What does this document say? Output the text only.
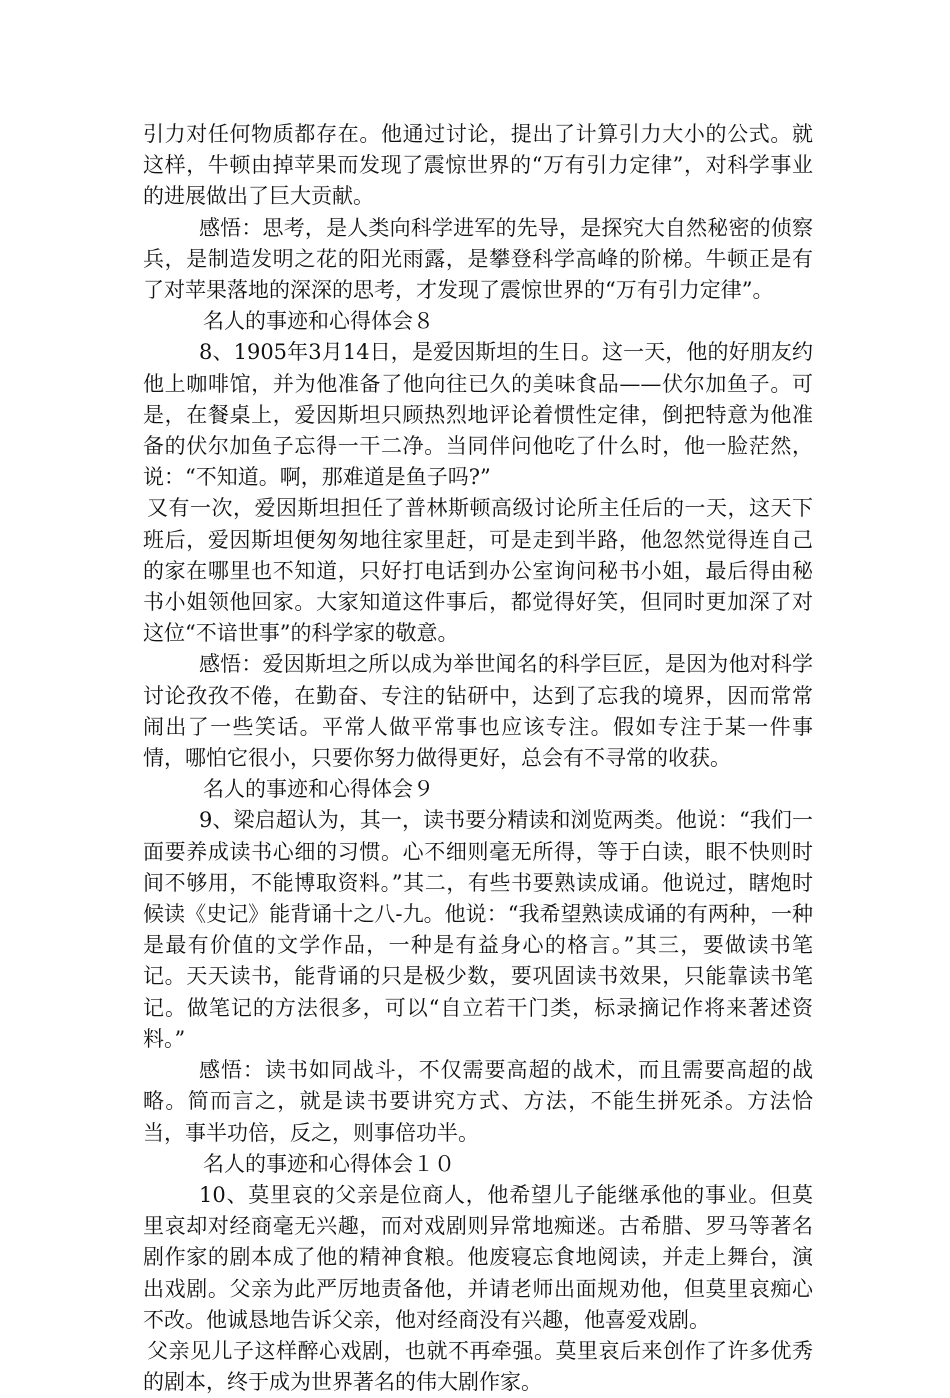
引力对任何物质都存在。他通过讨论，提出了计算引力大小的公式。就这样，牛顿由掉苹果而发现了震惊世界的“万有引力定律”，对科学事业的进展做出了巨大贡献。

感悟：思考，是人类向科学进军的先导，是探究大自然秘密的侦察兵，是制造发明之花的阳光雨露，是攀登科学高峰的阶梯。牛顿正是有了对苹果落地的深深的思考，才发现了震惊世界的“万有引力定律”。

名人的事迹和心得体会８

8、1905年3月14日，是爱因斯坦的生日。这一天，他的好朋友约他上咖啡馆，并为他准备了他向往已久的美味食品——伏尔加鱼子。可是，在餐桌上，爱因斯坦只顾热烈地评论着惯性定律，倒把特意为他准备的伏尔加鱼子忘得一干二净。当同伴问他吃了什么时，他一脸茫然，说：“不知道。啊，那难道是鱼子吗?”

又有一次，爱因斯坦担任了普林斯顿高级讨论所主任后的一天，这天下班后，爱因斯坦便匆匆地往家里赶，可是走到半路，他忽然觉得连自己的家在哪里也不知道，只好打电话到办公室询问秘书小姐，最后得由秘书小姐领他回家。大家知道这件事后，都觉得好笑，但同时更加深了对这位“不谙世事”的科学家的敬意。

感悟：爱因斯坦之所以成为举世闻名的科学巨匠，是因为他对科学讨论孜孜不倦，在勤奋、专注的钻研中，达到了忘我的境界，因而常常闹出了一些笑话。平常人做平常事也应该专注。假如专注于某一件事情，哪怕它很小，只要你努力做得更好，总会有不寻常的收获。

名人的事迹和心得体会９

9、梁启超认为，其一，读书要分精读和浏览两类。他说：“我们一面要养成读书心细的习惯。心不细则毫无所得，等于白读，眼不快则时间不够用，不能博取资料。”其二，有些书要熟读成诵。他说过，瞎炮时候读《史记》能背诵十之八-九。他说：“我希望熟读成诵的有两种，一种是最有价值的文学作品，一种是有益身心的格言。”其三，要做读书笔记。天天读书，能背诵的只是极少数，要巩固读书效果，只能靠读书笔记。做笔记的方法很多，可以“自立若干门类，标录摘记作将来著述资料。”

感悟：读书如同战斗，不仅需要高超的战术，而且需要高超的战略。简而言之，就是读书要讲究方式、方法，不能生拼死杀。方法恰当，事半功倍，反之，则事倍功半。

名人的事迹和心得体会１０

10、莫里哀的父亲是位商人，他希望儿子能继承他的事业。但莫里哀却对经商毫无兴趣，而对戏剧则异常地痴迷。古希腊、罗马等著名剧作家的剧本成了他的精神食粮。他废寝忘食地阅读，并走上舞台，演出戏剧。父亲为此严厉地责备他，并请老师出面规劝他，但莫里哀痴心不改。他诚恳地告诉父亲，他对经商没有兴趣，他喜爱戏剧。

父亲见儿子这样醉心戏剧，也就不再牵强。莫里哀后来创作了许多优秀的剧本，终于成为世界著名的伟大剧作家。
